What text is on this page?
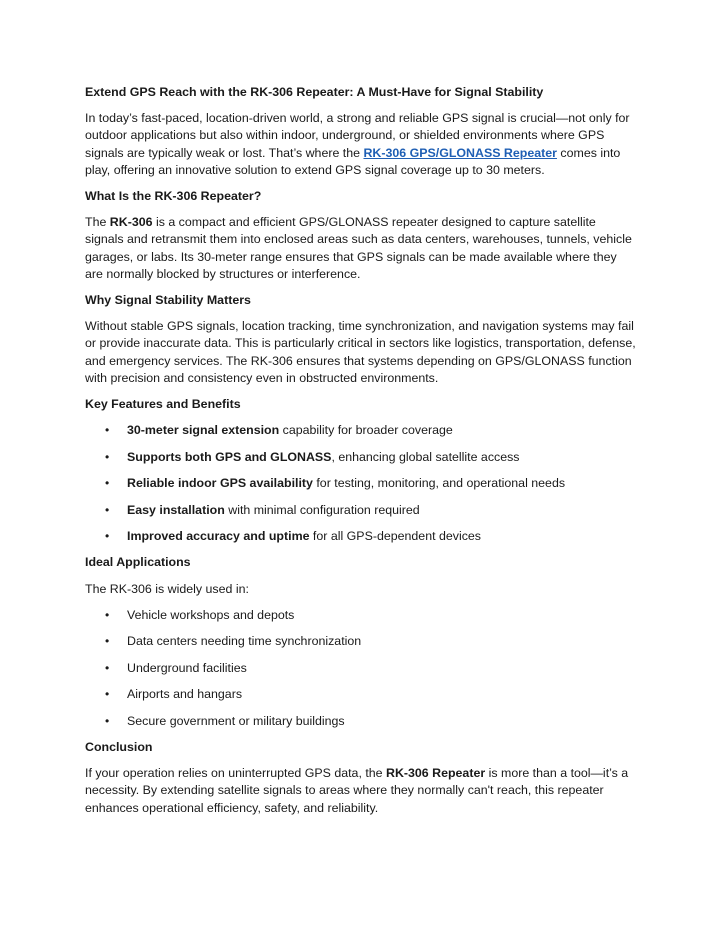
Extend GPS Reach with the RK-306 Repeater: A Must-Have for Signal Stability

In today’s fast-paced, location-driven world, a strong and reliable GPS signal is crucial—not only for outdoor applications but also within indoor, underground, or shielded environments where GPS signals are typically weak or lost. That’s where the RK-306 GPS/GLONASS Repeater comes into play, offering an innovative solution to extend GPS signal coverage up to 30 meters.

What Is the RK-306 Repeater?

The RK-306 is a compact and efficient GPS/GLONASS repeater designed to capture satellite signals and retransmit them into enclosed areas such as data centers, warehouses, tunnels, vehicle garages, or labs. Its 30-meter range ensures that GPS signals can be made available where they are normally blocked by structures or interference.

Why Signal Stability Matters

Without stable GPS signals, location tracking, time synchronization, and navigation systems may fail or provide inaccurate data. This is particularly critical in sectors like logistics, transportation, defense, and emergency services. The RK-306 ensures that systems depending on GPS/GLONASS function with precision and consistency even in obstructed environments.

Key Features and Benefits

• 30-meter signal extension capability for broader coverage
• Supports both GPS and GLONASS, enhancing global satellite access
• Reliable indoor GPS availability for testing, monitoring, and operational needs
• Easy installation with minimal configuration required
• Improved accuracy and uptime for all GPS-dependent devices

Ideal Applications

The RK-306 is widely used in:

• Vehicle workshops and depots
• Data centers needing time synchronization
• Underground facilities
• Airports and hangars
• Secure government or military buildings

Conclusion

If your operation relies on uninterrupted GPS data, the RK-306 Repeater is more than a tool—it’s a necessity. By extending satellite signals to areas where they normally can't reach, this repeater enhances operational efficiency, safety, and reliability.
